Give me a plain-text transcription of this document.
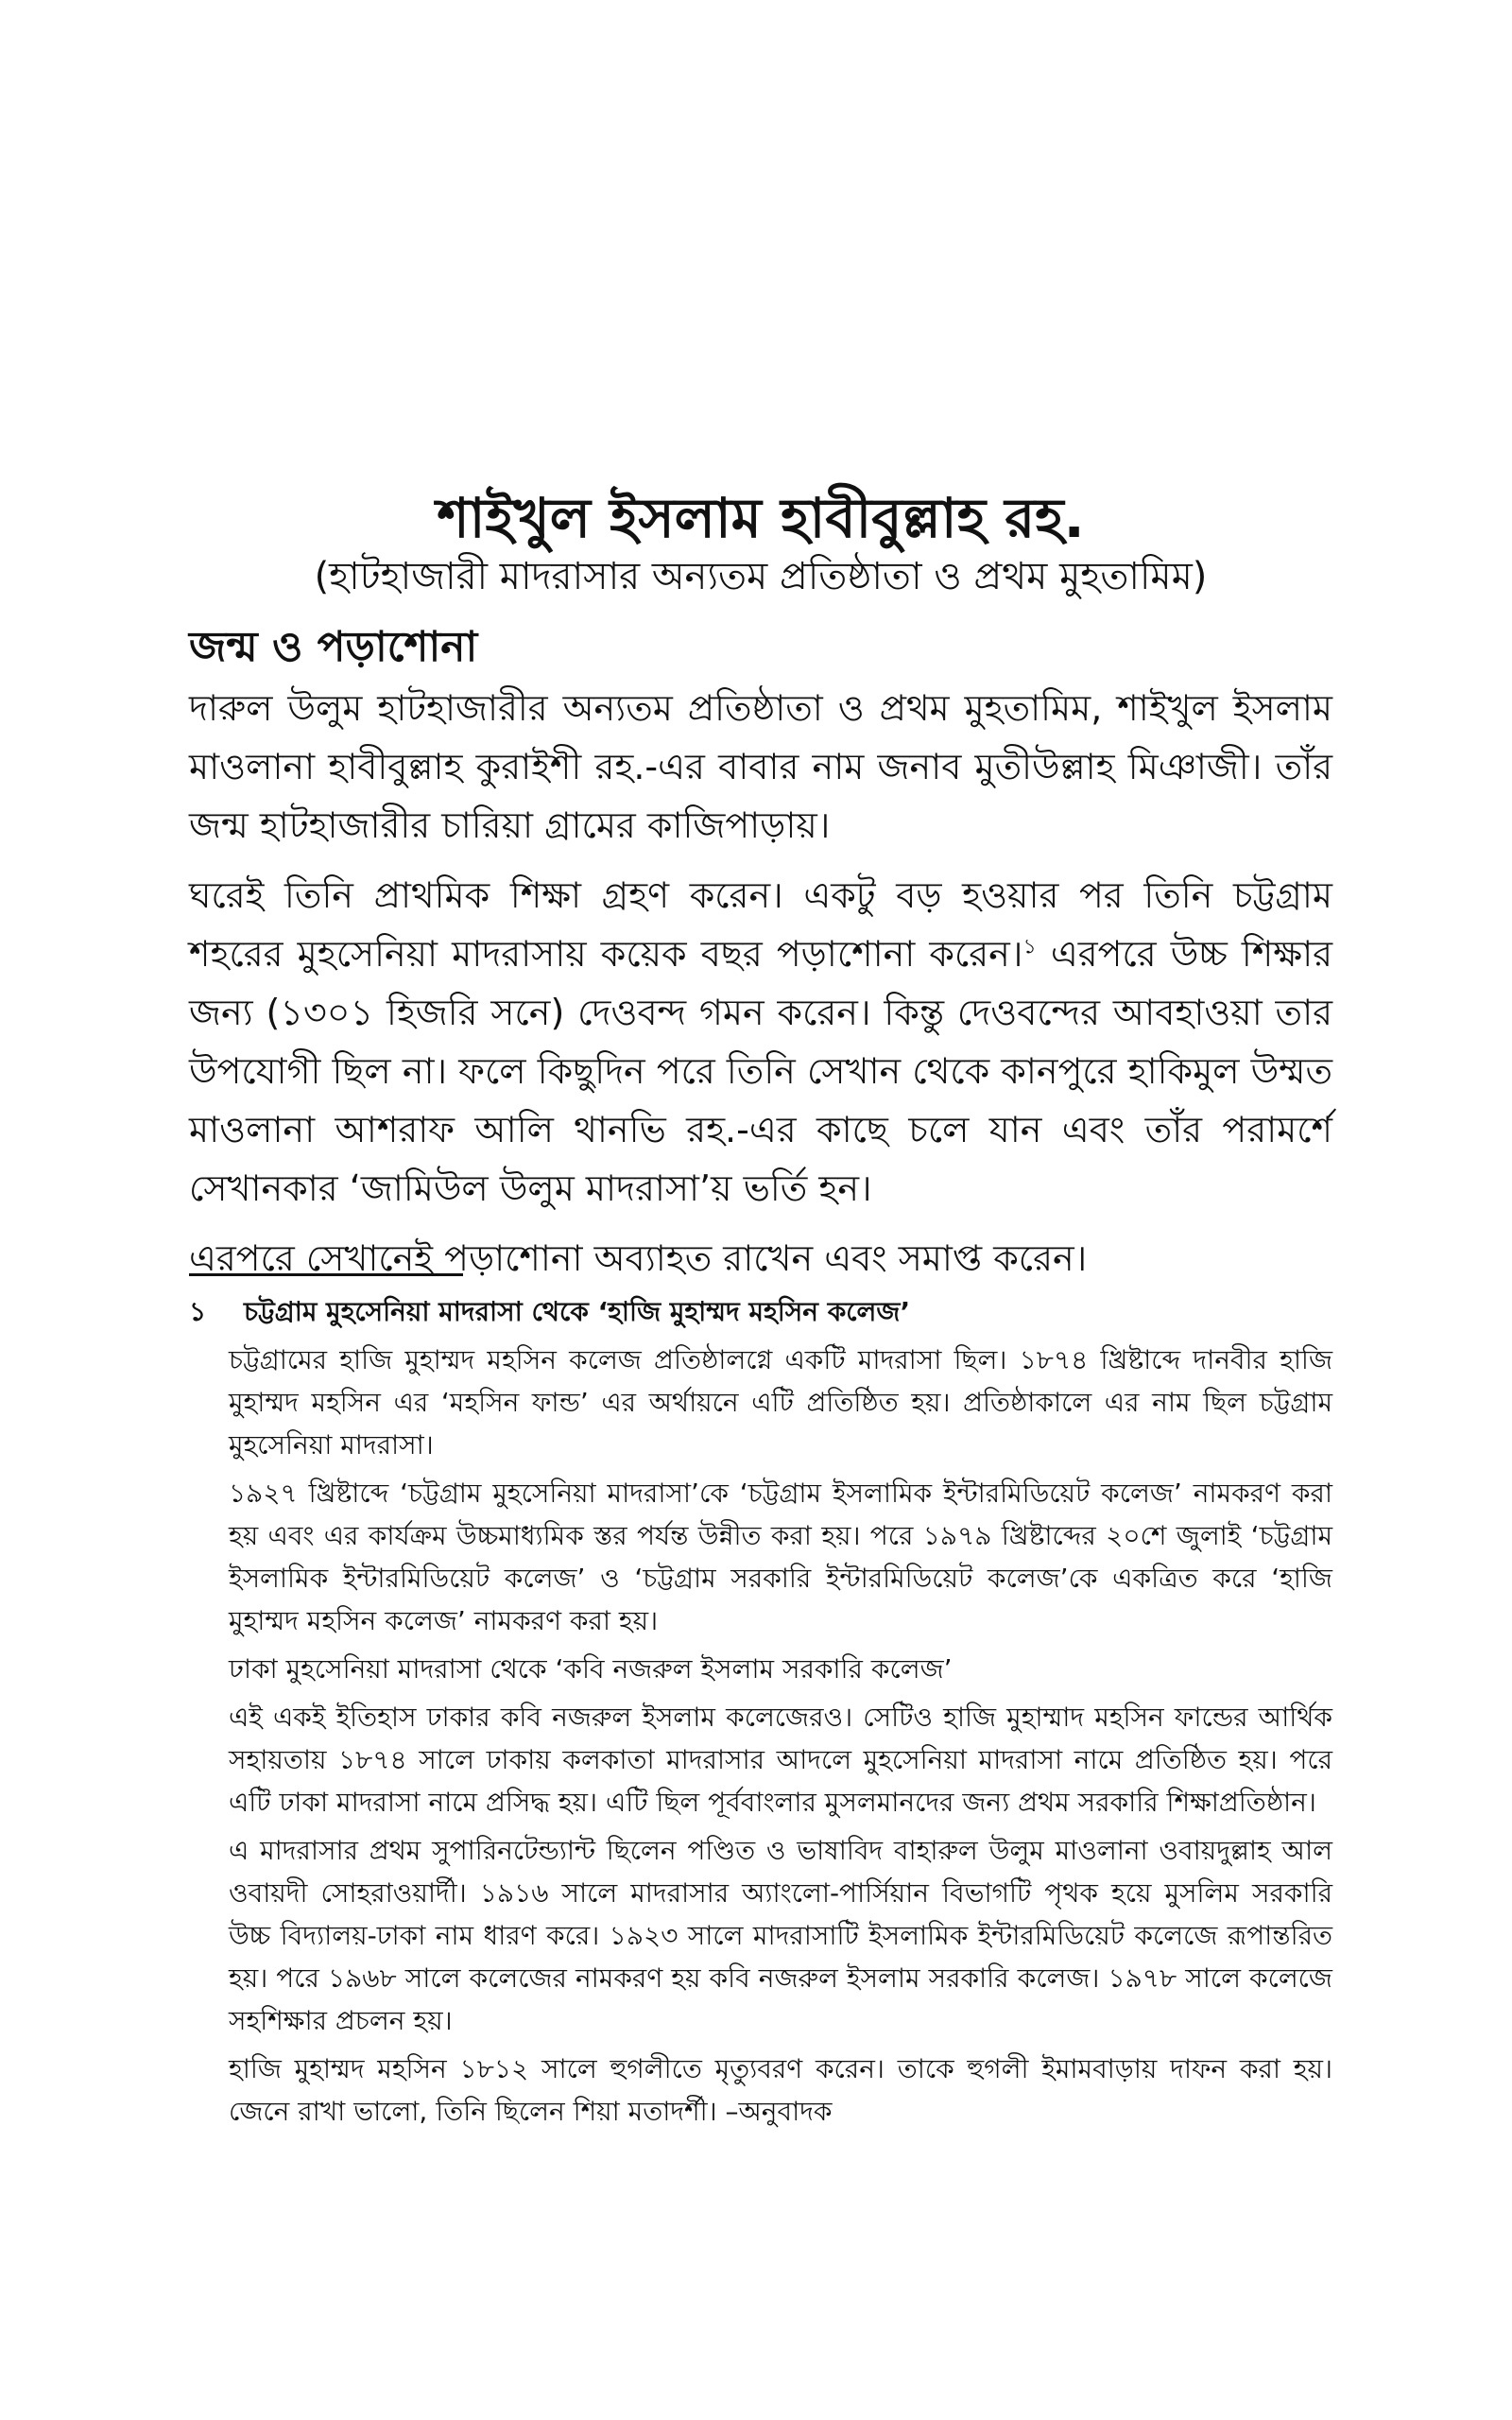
শাইখুল ইসলাম হাবীবুল্লাহ রহ.

(হাটহাজারী মাদরাসার অন্যতম প্রতিষ্ঠাতা ও প্রথম মুহতামিম)

জন্ম ও পড়াশোনা

দারুল উলুম হাটহাজারীর অন্যতম প্রতিষ্ঠাতা ও প্রথম মুহতামিম, শাইখুল ইসলাম মাওলানা হাবীবুল্লাহ কুরাইশী রহ.-এর বাবার নাম জনাব মুতীউল্লাহ মিঞাজী। তাঁর জন্ম হাটহাজারীর চারিয়া গ্রামের কাজিপাড়ায়।

ঘরেই তিনি প্রাথমিক শিক্ষা গ্রহণ করেন। একটু বড় হওয়ার পর তিনি চট্টগ্রাম শহরের মুহসেনিয়া মাদরাসায় কয়েক বছর পড়াশোনা করেন।$^১$ এরপরে উচ্চ শিক্ষার জন্য (১৩০১ হিজরি সনে) দেওবন্দ গমন করেন। কিন্তু দেওবন্দের আবহাওয়া তার উপযোগী ছিল না। ফলে কিছুদিন পরে তিনি সেখান থেকে কানপুরে হাকিমুল উম্মত মাওলানা আশরাফ আলি থানভি রহ.-এর কাছে চলে যান এবং তাঁর পরামর্শে সেখানকার ‘জামিউল উলুম মাদরাসা’য় ভর্তি হন।

এরপরে সেখানেই পড়াশোনা অব্যাহত রাখেন এবং সমাপ্ত করেন।

১ চট্টগ্রাম মুহসেনিয়া মাদরাসা থেকে ‘হাজি মুহাম্মদ মহসিন কলেজ’

চট্টগ্রামের হাজি মুহাম্মদ মহসিন কলেজ প্রতিষ্ঠালগ্নে একটি মাদরাসা ছিল। ১৮৭৪ খ্রিষ্টাব্দে দানবীর হাজি মুহাম্মদ মহসিন এর ‘মহসিন ফান্ড’ এর অর্থায়নে এটি প্রতিষ্ঠিত হয়। প্রতিষ্ঠাকালে এর নাম ছিল চট্টগ্রাম মুহসেনিয়া মাদরাসা।

১৯২৭ খ্রিষ্টাব্দে ‘চট্টগ্রাম মুহসেনিয়া মাদরাসা’কে ‘চট্টগ্রাম ইসলামিক ইন্টারমিডিয়েট কলেজ’ নামকরণ করা হয় এবং এর কার্যক্রম উচ্চমাধ্যমিক স্তর পর্যন্ত উন্নীত করা হয়। পরে ১৯৭৯ খ্রিষ্টাব্দের ২০শে জুলাই ‘চট্টগ্রাম ইসলামিক ইন্টারমিডিয়েট কলেজ’ ও ‘চট্টগ্রাম সরকারি ইন্টারমিডিয়েট কলেজ’কে একত্রিত করে ‘হাজি মুহাম্মদ মহসিন কলেজ’ নামকরণ করা হয়।

ঢাকা মুহসেনিয়া মাদরাসা থেকে ‘কবি নজরুল ইসলাম সরকারি কলেজ’

এই একই ইতিহাস ঢাকার কবি নজরুল ইসলাম কলেজেরও। সেটিও হাজি মুহাম্মাদ মহসিন ফান্ডের আর্থিক সহায়তায় ১৮৭৪ সালে ঢাকায় কলকাতা মাদরাসার আদলে মুহসেনিয়া মাদরাসা নামে প্রতিষ্ঠিত হয়। পরে এটি ঢাকা মাদরাসা নামে প্রসিদ্ধ হয়। এটি ছিল পূর্ববাংলার মুসলমানদের জন্য প্রথম সরকারি শিক্ষাপ্রতিষ্ঠান।

এ মাদরাসার প্রথম সুপারিনটেন্ড্যান্ট ছিলেন পণ্ডিত ও ভাষাবিদ বাহারুল উলুম মাওলানা ওবায়দুল্লাহ আল ওবায়দী সোহরাওয়ার্দী। ১৯১৬ সালে মাদরাসার অ্যাংলো-পার্সিয়ান বিভাগটি পৃথক হয়ে মুসলিম সরকারি উচ্চ বিদ্যালয়-ঢাকা নাম ধারণ করে। ১৯২৩ সালে মাদরাসাটি ইসলামিক ইন্টারমিডিয়েট কলেজে রূপান্তরিত হয়। পরে ১৯৬৮ সালে কলেজের নামকরণ হয় কবি নজরুল ইসলাম সরকারি কলেজ। ১৯৭৮ সালে কলেজে সহশিক্ষার প্রচলন হয়।

হাজি মুহাম্মদ মহসিন ১৮১২ সালে হুগলীতে মৃত্যুবরণ করেন। তাকে হুগলী ইমামবাড়ায় দাফন করা হয়। জেনে রাখা ভালো, তিনি ছিলেন শিয়া মতাদর্শী। –অনুবাদক
